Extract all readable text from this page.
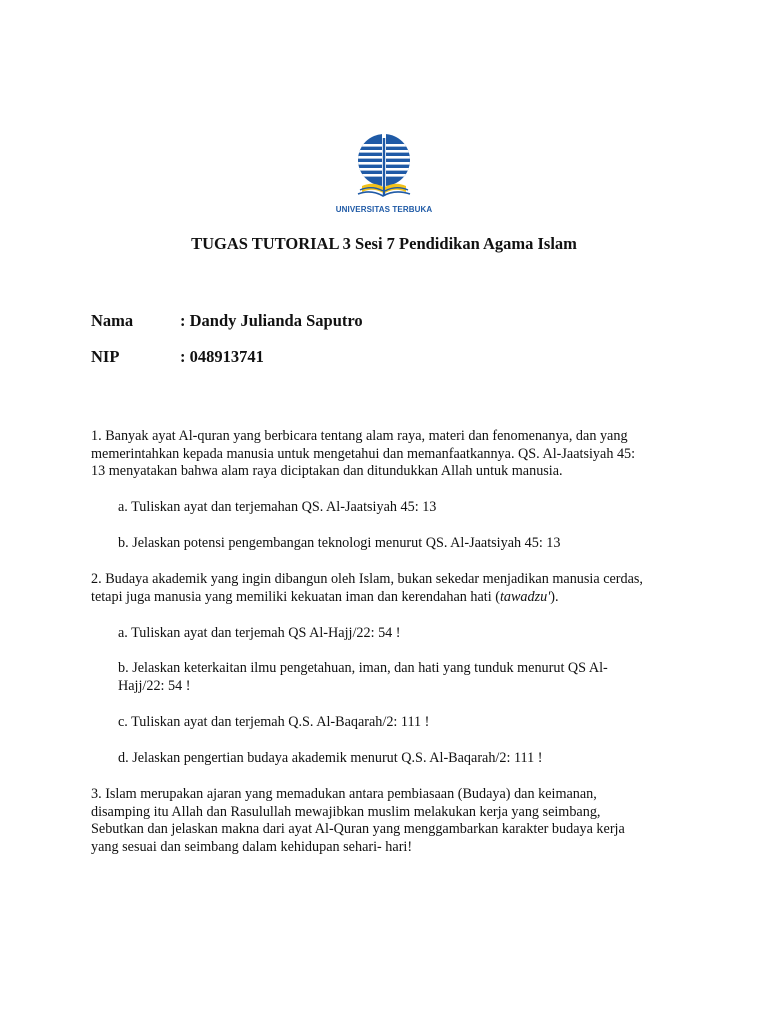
UNIVERSITAS TERBUKA
TUGAS TUTORIAL 3 Sesi 7 Pendidikan Agama Islam
Nama	: Dandy Julianda Saputro
NIP	: 048913741

1. Banyak ayat Al-quran yang berbicara tentang alam raya, materi dan fenomenanya, dan yang

memerintahkan kepada manusia untuk mengetahui dan memanfaatkannya. QS. Al-Jaatsiyah 45:

13 menyatakan bahwa alam raya diciptakan dan ditundukkan Allah untuk manusia.

a. Tuliskan ayat dan terjemahan QS. Al-Jaatsiyah 45: 13

b. Jelaskan potensi pengembangan teknologi menurut QS. Al-Jaatsiyah 45: 13

2. Budaya akademik yang ingin dibangun oleh Islam, bukan sekedar menjadikan manusia cerdas,

tetapi juga manusia yang memiliki kekuatan iman dan kerendahan hati (tawadzu').

a. Tuliskan ayat dan terjemah QS Al-Hajj/22: 54 !

b. Jelaskan keterkaitan ilmu pengetahuan, iman, dan hati yang tunduk menurut QS Al-

Hajj/22: 54 !

c. Tuliskan ayat dan terjemah Q.S. Al-Baqarah/2: 111 !

d. Jelaskan pengertian budaya akademik menurut Q.S. Al-Baqarah/2: 111 !

3. Islam merupakan ajaran yang memadukan antara pembiasaan (Budaya) dan keimanan,

disamping itu Allah dan Rasulullah mewajibkan muslim melakukan kerja yang seimbang,

Sebutkan dan jelaskan makna dari ayat Al-Quran yang menggambarkan karakter budaya kerja

yang sesuai dan seimbang dalam kehidupan sehari- hari!
